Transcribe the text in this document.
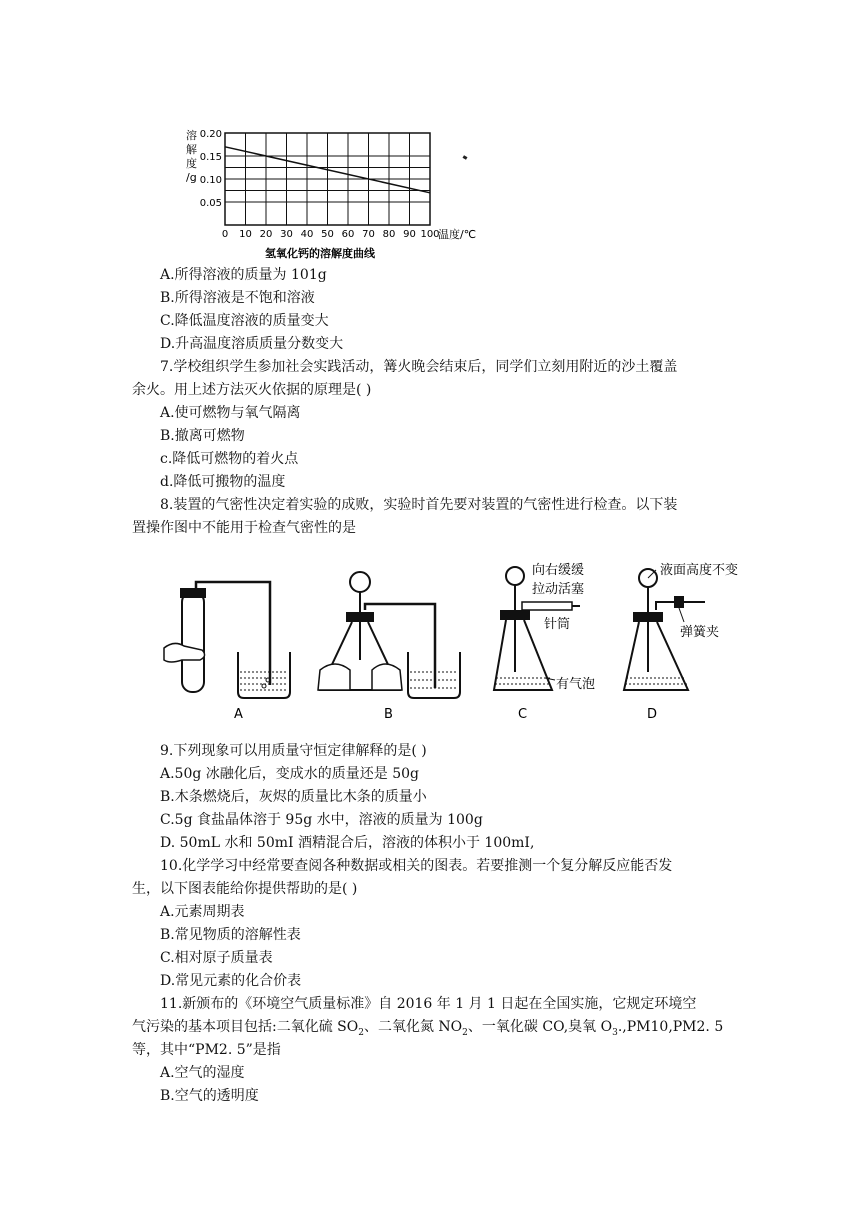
0 10 20 30 40 50 60 70 80 90 100
0.05
0.10
0.15
0.20
溶解度/g
温度/℃
氢氧化钙的溶解度曲线
A.所得溶液的质量为 101g
B.所得溶液是不饱和溶液
C.降低温度溶液的质量变大
D.升高温度溶质质量分数变大
7.学校组织学生参加社会实践活动，篝火晚会结束后，同学们立刻用附近的沙土覆盖
余火。用上述方法灭火依据的原理是( )
A.使可燃物与氧气隔离
B.撤离可燃物
c.降低可燃物的着火点
d.降低可搬物的温度
8.装置的气密性决定着实验的成败，实验时首先要对装置的气密性进行检查。以下装
置操作图中不能用于检查气密性的是
A	B	C	D
向右缓缓
拉动活塞
针筒
有气泡
液面高度不变
弹簧夹
9.下列现象可以用质量守恒定律解释的是( )
A.50g 冰融化后，变成水的质量还是 50g
B.木条燃烧后，灰烬的质量比木条的质量小
C.5g 食盐晶体溶于 95g 水中，溶液的质量为 100g
D. 50mL 水和 50mI 酒精混合后，溶液的体积小于 100mI,
10.化学学习中经常要查阅各种数据或相关的图表。若要推测一个复分解反应能否发
生，以下图表能给你提供帮助的是( )
A.元素周期表
B.常见物质的溶解性表
C.相对原子质量表
D.常见元素的化合价表
11.新颁布的《环境空气质量标准》自 2016 年 1 月 1 日起在全国实施，它规定环境空
气污染的基本项目包括:二氧化硫 $SO_2$、二氧化氮 $NO_2$、一氧化碳 CO,臭氧 $O_3.,PM10,PM2$. 5
等，其中“PM2. 5”是指
A.空气的湿度
B.空气的透明度
